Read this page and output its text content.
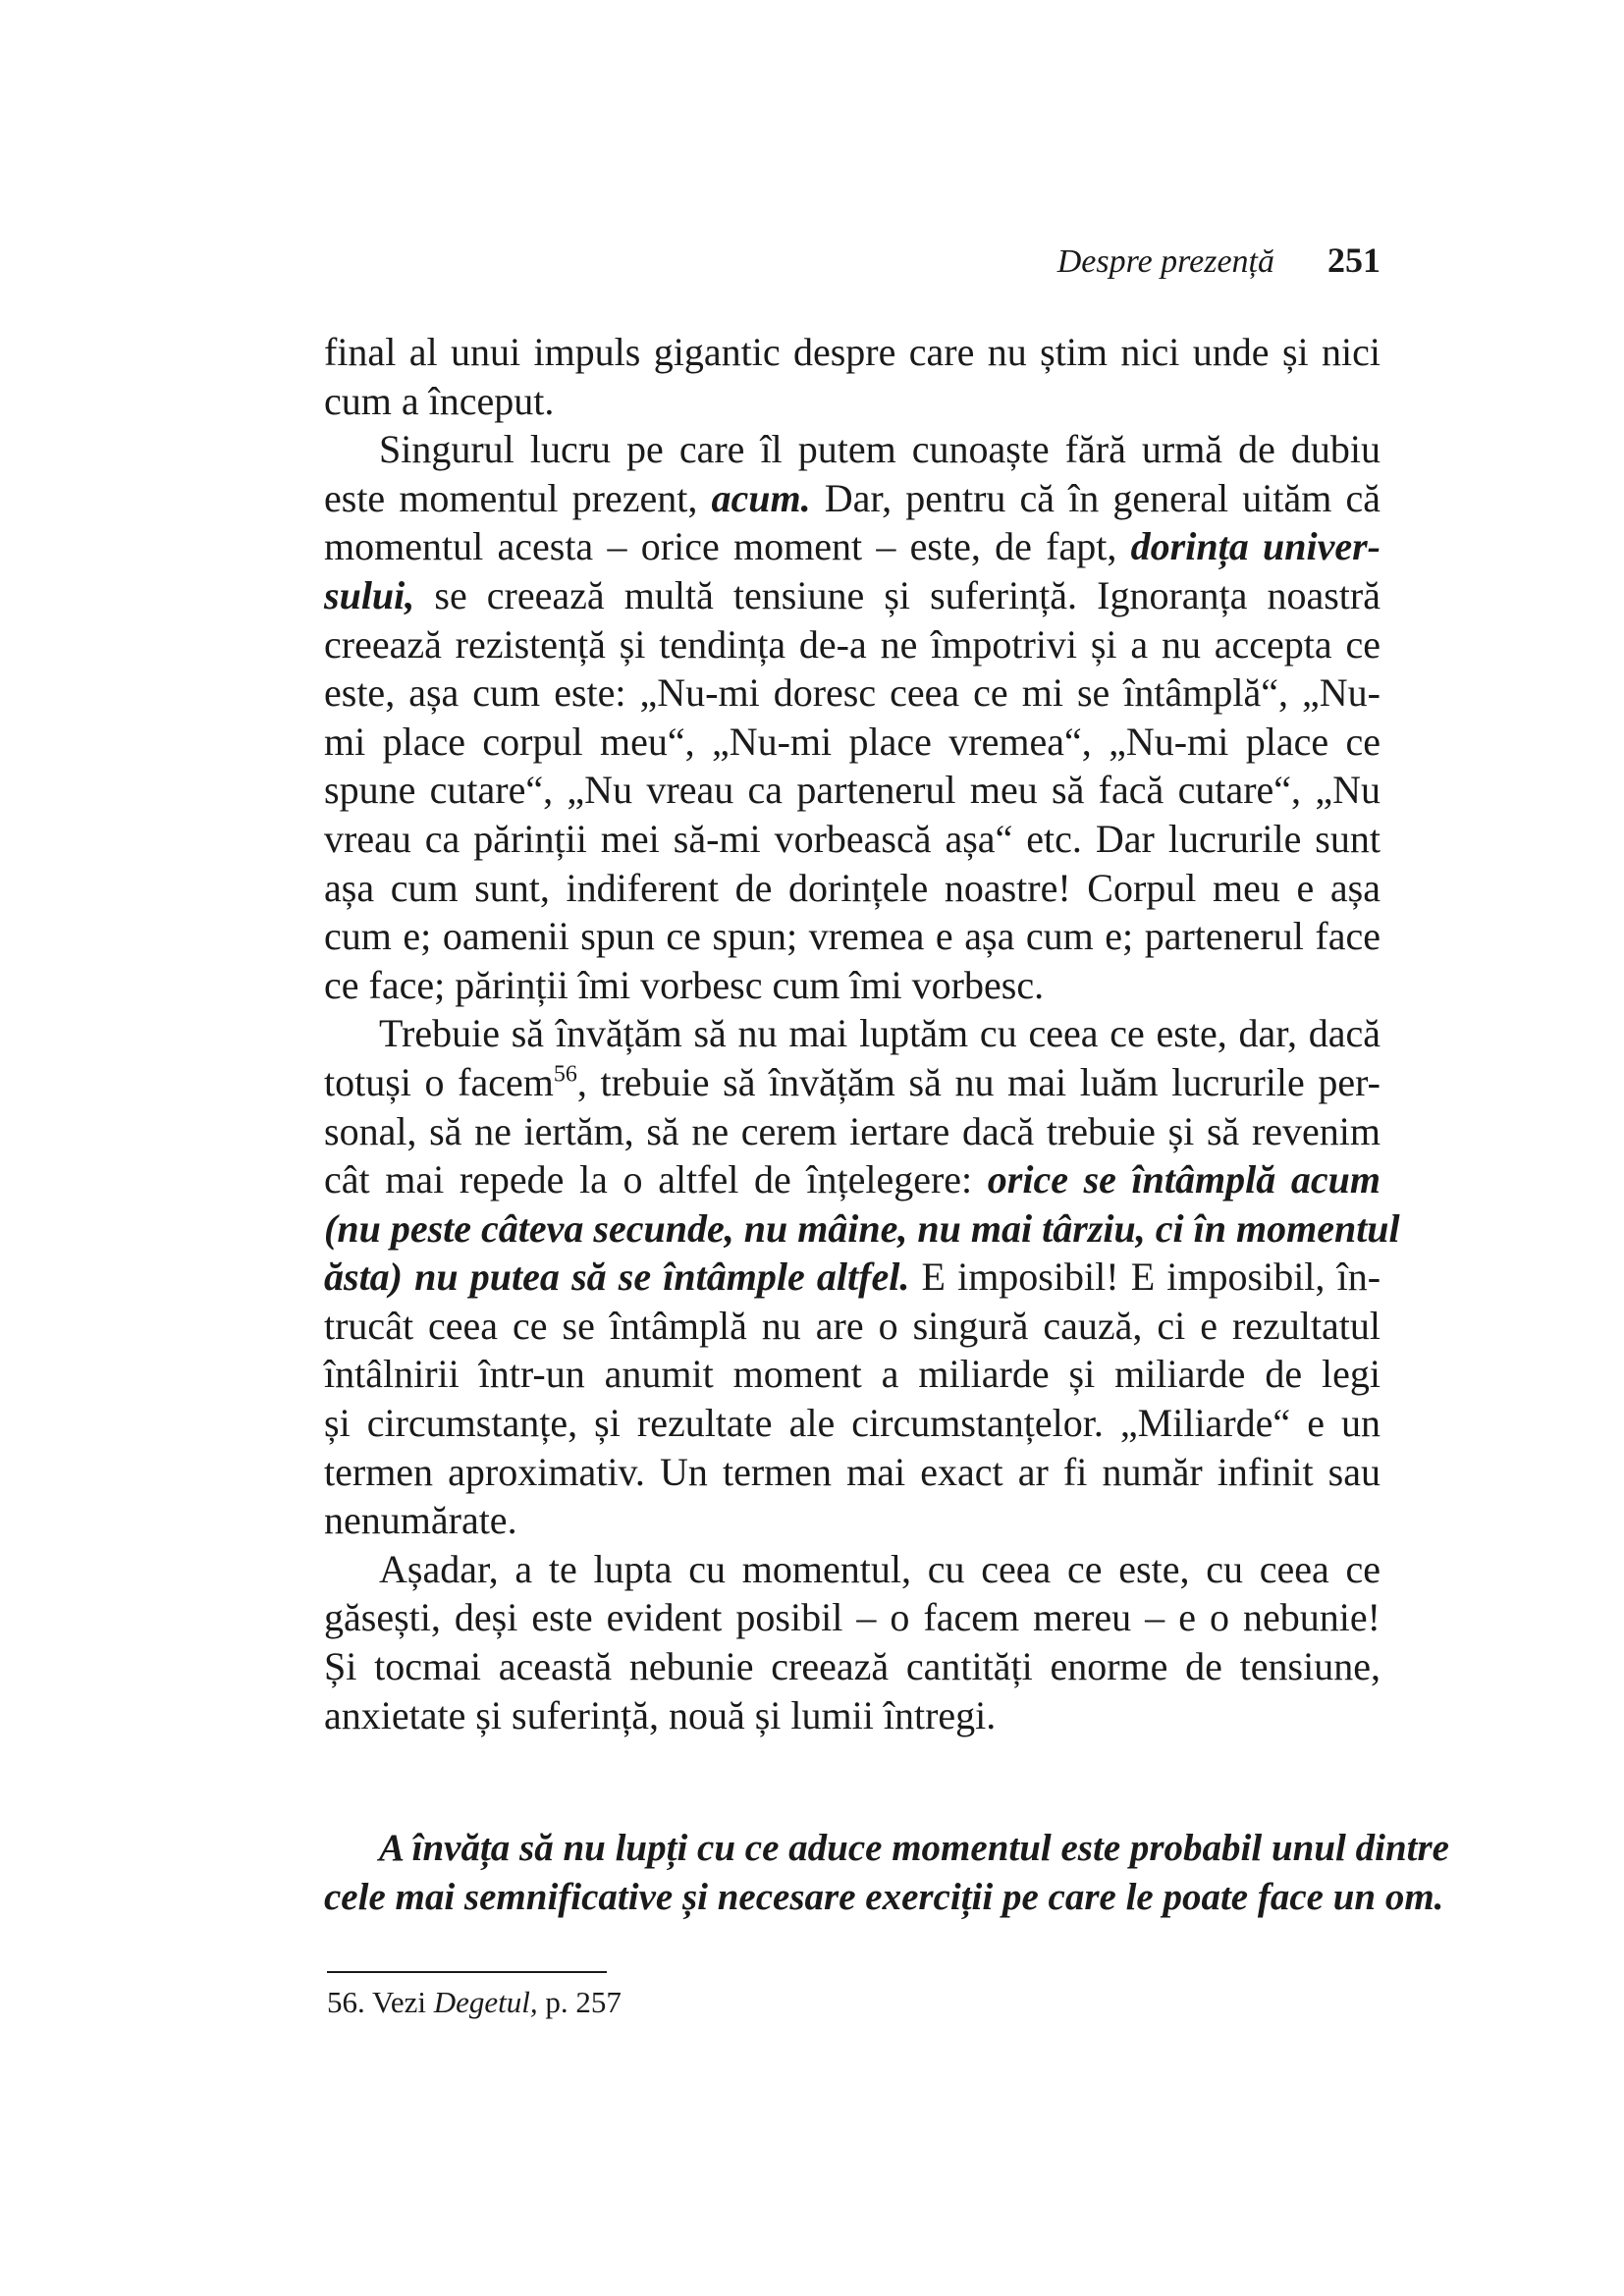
Despre prezență 251
final al unui impuls gigantic despre care nu știm nici unde și nici
cum a început.
Singurul lucru pe care îl putem cunoaște fără urmă de dubiu
este momentul prezent, acum. Dar, pentru că în general uităm că
momentul acesta – orice moment – este, de fapt, dorința univer-
sului, se creează multă tensiune și suferință. Ignoranța noastră
creează rezistență și tendința de-a ne împotrivi și a nu accepta ce
este, așa cum este: „Nu-mi doresc ceea ce mi se întâmplă“, „Nu-
mi place corpul meu“, „Nu-mi place vremea“, „Nu-mi place ce
spune cutare“, „Nu vreau ca partenerul meu să facă cutare“, „Nu
vreau ca părinții mei să-mi vorbească așa“ etc. Dar lucrurile sunt
așa cum sunt, indiferent de dorințele noastre! Corpul meu e așa
cum e; oamenii spun ce spun; vremea e așa cum e; partenerul face
ce face; părinții îmi vorbesc cum îmi vorbesc.
Trebuie să învățăm să nu mai luptăm cu ceea ce este, dar, dacă
totuși o facem$^{56}$, trebuie să învățăm să nu mai luăm lucrurile per-
sonal, să ne iertăm, să ne cerem iertare dacă trebuie și să revenim
cât mai repede la o altfel de înțelegere: orice se întâmplă acum
(nu peste câteva secunde, nu mâine, nu mai târziu, ci în momentul
ăsta) nu putea să se întâmple altfel. E imposibil! E imposibil, în-
trucât ceea ce se întâmplă nu are o singură cauză, ci e rezultatul
întâlnirii într-un anumit moment a miliarde și miliarde de legi
și circumstanțe, și rezultate ale circumstanțelor. „Miliarde“ e un
termen aproximativ. Un termen mai exact ar fi număr infinit sau
nenumărate.
Așadar, a te lupta cu momentul, cu ceea ce este, cu ceea ce
găsești, deși este evident posibil – o facem mereu – e o nebunie!
Și tocmai această nebunie creează cantități enorme de tensiune,
anxietate și suferință, nouă și lumii întregi.
A învăța să nu lupți cu ce aduce momentul este probabil unul dintre
cele mai semnificative și necesare exerciții pe care le poate face un om.
56. Vezi Degetul, p. 257
